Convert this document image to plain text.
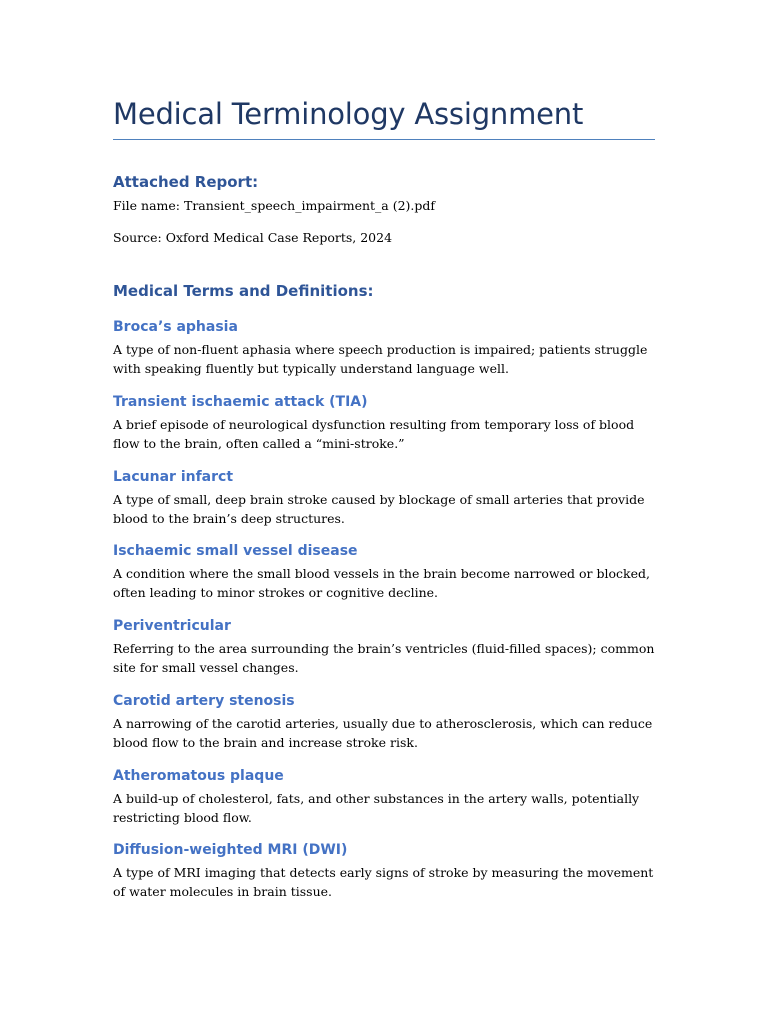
Medical Terminology Assignment
Attached Report:
File name: Transient_speech_impairment_a (2).pdf
Source: Oxford Medical Case Reports, 2024
Medical Terms and Definitions:
Broca’s aphasia
A type of non-fluent aphasia where speech production is impaired; patients struggle with speaking fluently but typically understand language well.
Transient ischaemic attack (TIA)
A brief episode of neurological dysfunction resulting from temporary loss of blood flow to the brain, often called a “mini-stroke.”
Lacunar infarct
A type of small, deep brain stroke caused by blockage of small arteries that provide blood to the brain’s deep structures.
Ischaemic small vessel disease
A condition where the small blood vessels in the brain become narrowed or blocked, often leading to minor strokes or cognitive decline.
Periventricular
Referring to the area surrounding the brain’s ventricles (fluid-filled spaces); common site for small vessel changes.
Carotid artery stenosis
A narrowing of the carotid arteries, usually due to atherosclerosis, which can reduce blood flow to the brain and increase stroke risk.
Atheromatous plaque
A build-up of cholesterol, fats, and other substances in the artery walls, potentially restricting blood flow.
Diffusion-weighted MRI (DWI)
A type of MRI imaging that detects early signs of stroke by measuring the movement of water molecules in brain tissue.
